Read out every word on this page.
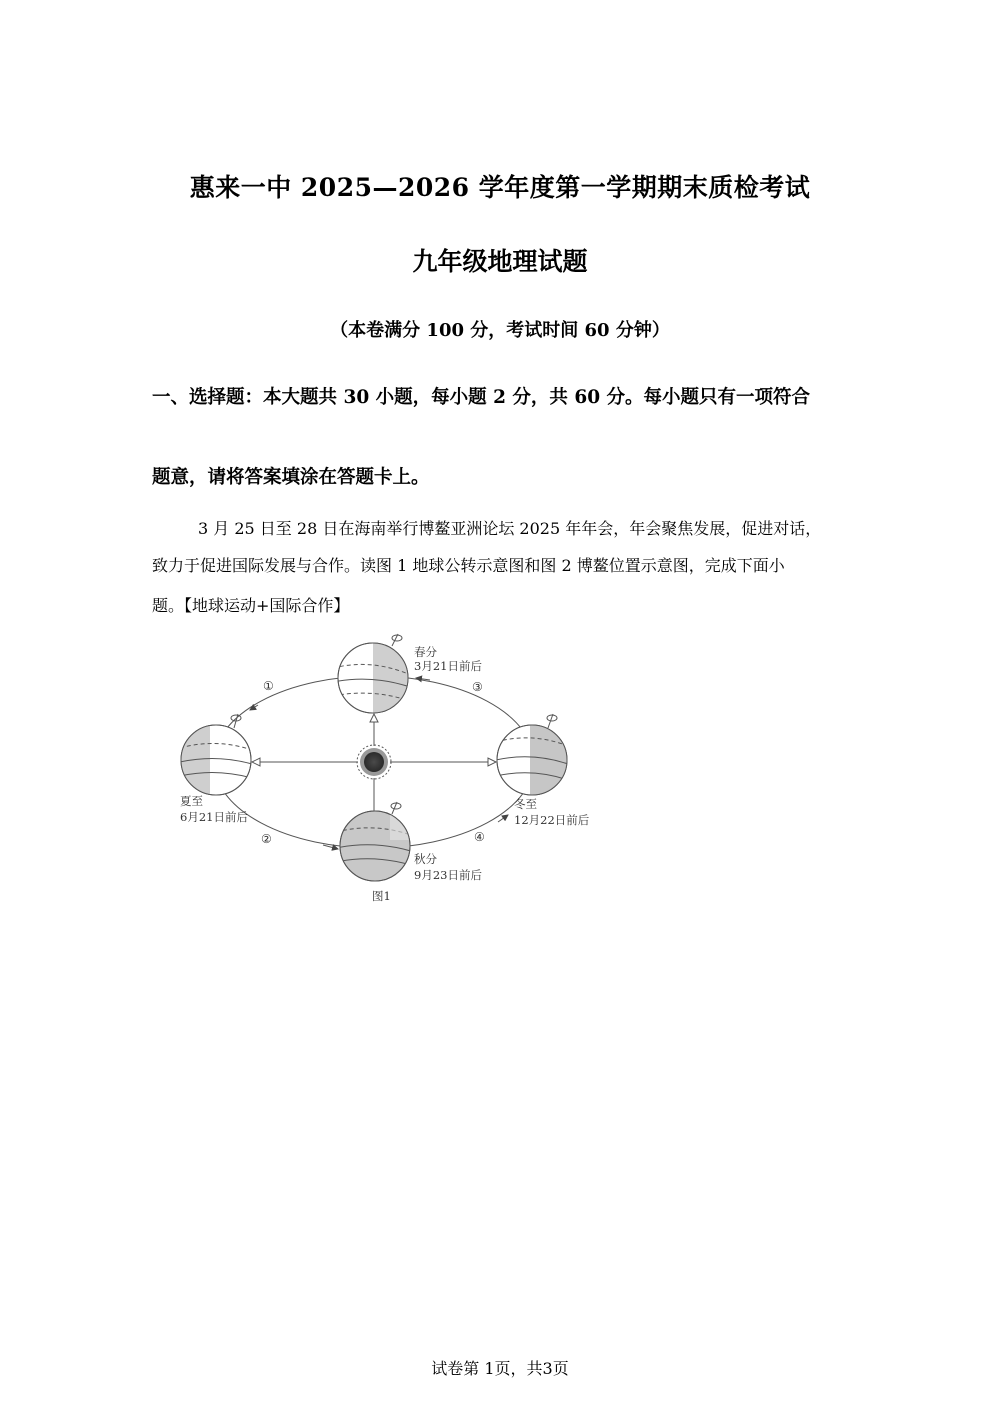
惠来一中 2025—2026 学年度第一学期期末质检考试
九年级地理试题
（本卷满分 100 分，考试时间 60 分钟）
一、选择题：本大题共 30 小题，每小题 2 分，共 60 分。每小题只有一项符合
题意，请将答案填涂在答题卡上。
3 月 25 日至 28 日在海南举行博鳌亚洲论坛 2025 年年会，年会聚焦发展，促进对话，
致力于促进国际发展与合作。读图 1 地球公转示意图和图 2 博鳌位置示意图，完成下面小
题。【地球运动+国际合作】
春分
3月21日前后
夏至
6月21日前后
冬至
12月22日前后
秋分
9月23日前后
①
②
③
④
图1
试卷第 1页，共3页
